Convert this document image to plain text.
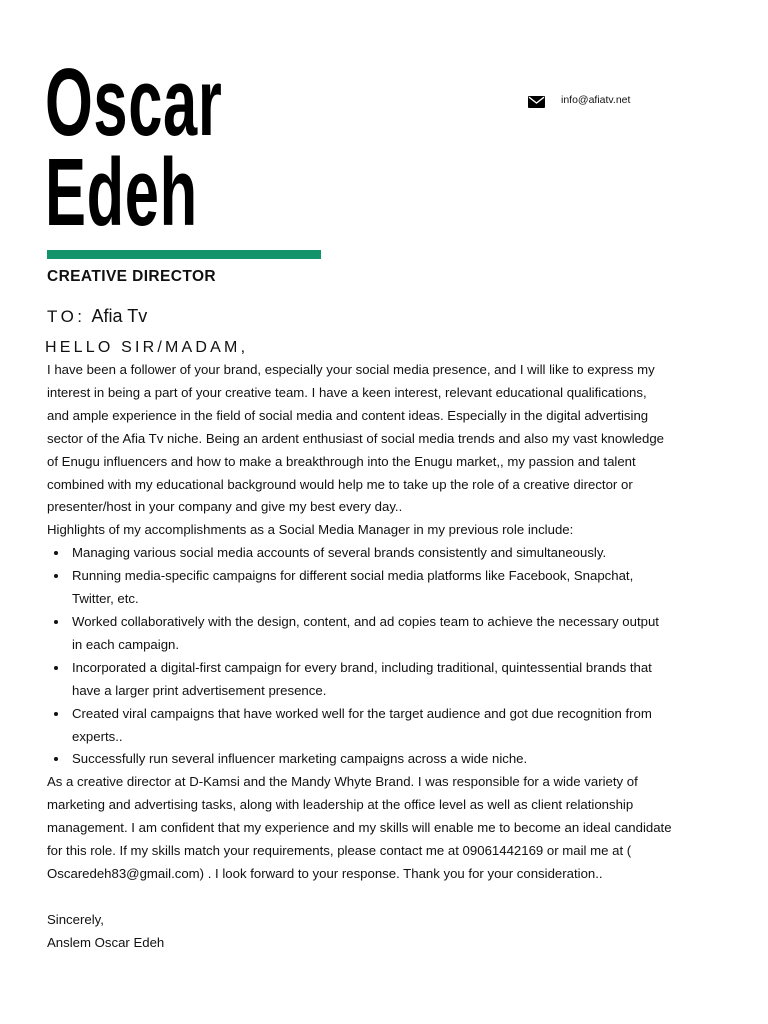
Oscar
Edeh
CREATIVE DIRECTOR
info@afiatv.net
TO: Afia Tv
HELLO SIR/MADAM,

I have been a follower of your brand, especially your social media presence, and I will like to express my interest in being a part of your creative team. I have a keen interest, relevant educational qualifications, and ample experience in the field of social media and content ideas. Especially in the digital advertising sector of the Afia Tv niche. Being an ardent enthusiast of social media trends and also my vast knowledge of Enugu influencers and how to make a breakthrough into the Enugu market,, my passion and talent combined with my educational background would help me to take up the role of a creative director or presenter/host in your company and give my best every day..

Highlights of my accomplishments as a Social Media Manager in my previous role include:

• Managing various social media accounts of several brands consistently and simultaneously.
• Running media-specific campaigns for different social media platforms like Facebook, Snapchat, Twitter, etc.
• Worked collaboratively with the design, content, and ad copies team to achieve the necessary output in each campaign.
• Incorporated a digital-first campaign for every brand, including traditional, quintessential brands that have a larger print advertisement presence.
• Created viral campaigns that have worked well for the target audience and got due recognition from experts..
• Successfully run several influencer marketing campaigns across a wide niche.

As a creative director at D-Kamsi and the Mandy Whyte Brand. I was responsible for a wide variety of marketing and advertising tasks, along with leadership at the office level as well as client relationship management. I am confident that my experience and my skills will enable me to become an ideal candidate for this role. If my skills match your requirements, please contact me at 09061442169 or mail me at ( Oscaredeh83@gmail.com) . I look forward to your response. Thank you for your consideration..

Sincerely,

Anslem Oscar Edeh
